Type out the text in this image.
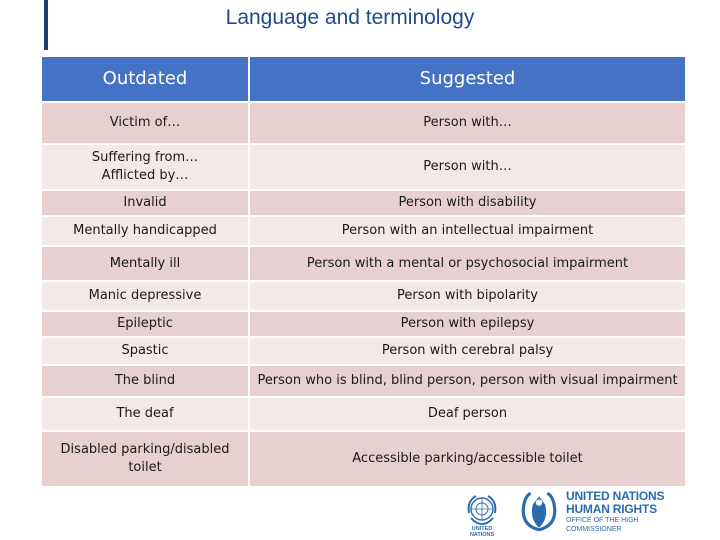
Language and terminology
Outdated	Suggested
Victim of…	Person with…
Suffering from…
Afflicted by…	Person with…
Invalid	Person with disability
Mentally handicapped	Person with an intellectual impairment
Mentally ill	Person with a mental or psychosocial impairment
Manic depressive	Person with bipolarity
Epileptic	Person with epilepsy
Spastic	Person with cerebral palsy
The blind	Person who is blind, blind person, person with visual impairment
The deaf	Deaf person
Disabled parking/disabled toilet	Accessible parking/accessible toilet
UNITED NATIONS
UNITED NATIONS
HUMAN RIGHTS
OFFICE OF THE HIGH COMMISSIONER
